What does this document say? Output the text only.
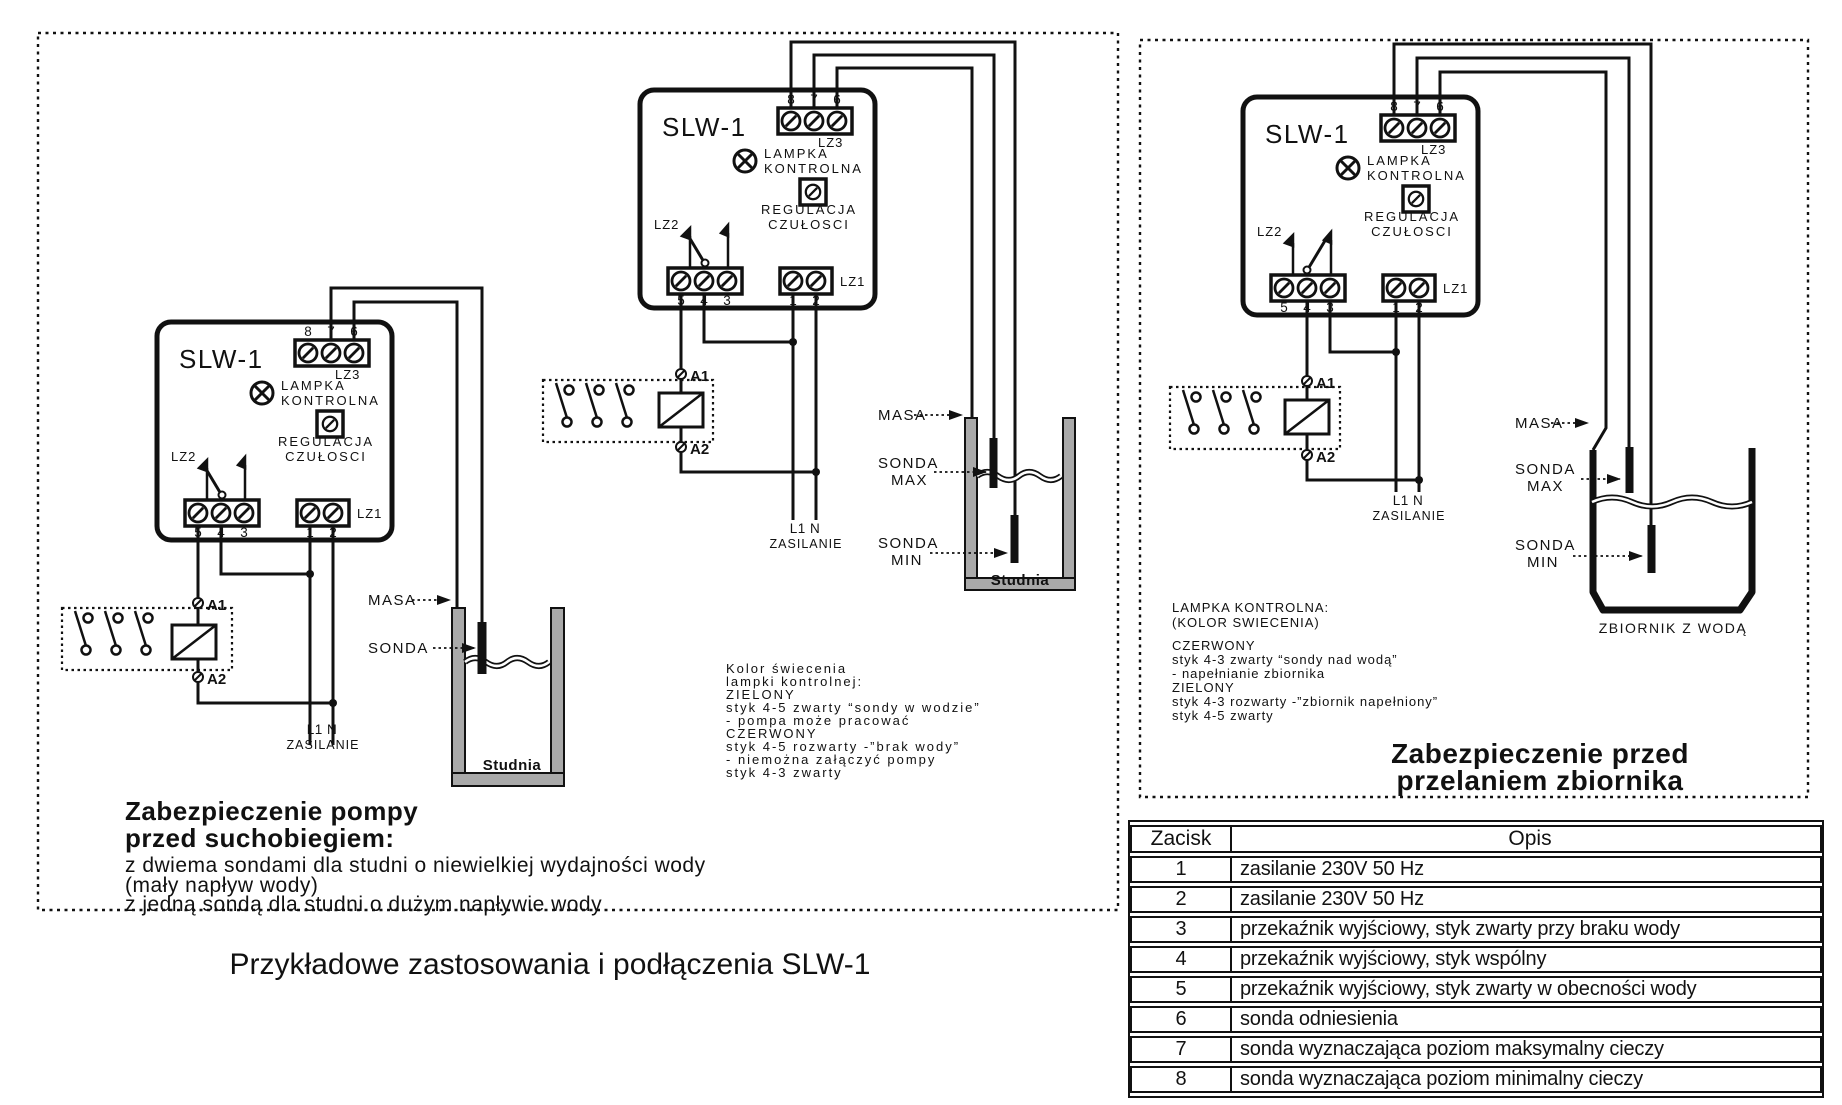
SLW-1
8 7 6
LZ3
LAMPKA
KONTROLNA
REGULACJA
CZUŁOSCI
LZ2
5 4 3	1 2
LZ1
A1
A2
L1 N
ZASILANIE
Studnia
MASA
SONDA
Zabezpieczenie pompy
przed suchobiegiem:
z dwiema sondami dla studni o niewielkiej wydajności wody
(mały napływ wody)
z jedną sondą dla studni o dużym napływie wody
SLW-1
8 7 6
LZ3
LAMPKA
KONTROLNA
REGULACJA
CZUŁOSCI
LZ2
5 4 3	1 2
LZ1
A1
A2
L1 N
ZASILANIE
Studnia
MASA
SONDA
MAX
SONDA
MIN
Kolor świecenia
lampki kontrolnej:
ZIELONY
styk 4-5 zwarty “sondy w wodzie”
- pompa może pracować
CZERWONY
styk 4-5 rozwarty -”brak wody”
- niemożna załączyć pompy
styk 4-3 zwarty
SLW-1
8 7 6
LZ3
LAMPKA
KONTROLNA
REGULACJA
CZUŁOSCI
LZ2
5 4 3	1 2
LZ1
A1
A2
L1 N
ZASILANIE
ZBIORNIK Z WODĄ
MASA
SONDA
MAX
SONDA
MIN
LAMPKA KONTROLNA:
(KOLOR SWIECENIA)
CZERWONY
styk 4-3 zwarty “sondy nad wodą”
- napełnianie zbiornika
ZIELONY
styk 4-3 rozwarty -”zbiornik napełniony”
styk 4-5 zwarty
Zabezpieczenie przed
przelaniem zbiornika
Zacisk	Opis
1	zasilanie 230V 50 Hz
2	zasilanie 230V 50 Hz
3	przekaźnik wyjściowy, styk zwarty przy braku wody
4	przekaźnik wyjściowy, styk wspólny
5	przekaźnik wyjściowy, styk zwarty w obecności wody
6	sonda odniesienia
7	sonda wyznaczająca poziom maksymalny cieczy
8	sonda wyznaczająca poziom minimalny cieczy
Przykładowe zastosowania i podłączenia SLW-1
